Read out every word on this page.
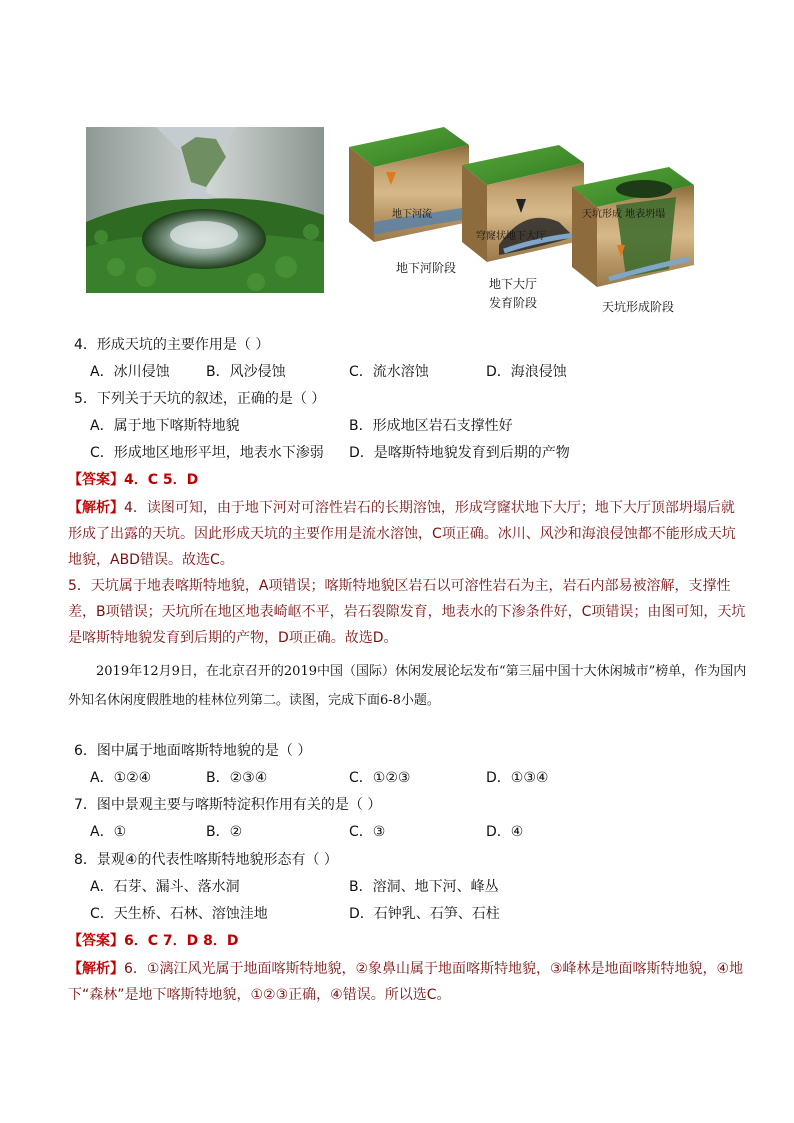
地下河流
穹窿状地下大厅
天坑形成 地表坍塌
地下河阶段
地下大厅
发育阶段	天坑形成阶段
4．形成天坑的主要作用是（ ）
A．冰川侵蚀	B．风沙侵蚀	C．流水溶蚀	D．海浪侵蚀
5．下列关于天坑的叙述，正确的是（ ）
A．属于地下喀斯特地貌	B．形成地区岩石支撑性好
C．形成地区地形平坦，地表水下渗弱 D．是喀斯特地貌发育到后期的产物
【答案】4．C 5．D
【解析】4．读图可知，由于地下河对可溶性岩石的长期溶蚀，形成穹窿状地下大厅；地下大厅顶部坍塌后就形成了出露的天坑。因此形成天坑的主要作用是流水溶蚀，C项正确。冰川、风沙和海浪侵蚀都不能形成天坑地貌，ABD错误。故选C。
5．天坑属于地表喀斯特地貌，A项错误；喀斯特地貌区岩石以可溶性岩石为主，岩石内部易被溶解，支撑性差，B项错误；天坑所在地区地表崎岖不平，岩石裂隙发育，地表水的下渗条件好，C项错误；由图可知，天坑是喀斯特地貌发育到后期的产物，D项正确。故选D。
2019年12月9日，在北京召开的2019中国（国际）休闲发展论坛发布“第三届中国十大休闲城市”榜单，作为国内外知名休闲度假胜地的桂林位列第二。读图，完成下面6-8小题。
6．图中属于地面喀斯特地貌的是（ ）
A．①②④	B．②③④	C．①②③	D．①③④
7．图中景观主要与喀斯特淀积作用有关的是（ ）
A．①	B．②	C．③	D．④
8．景观④的代表性喀斯特地貌形态有（ ）
A．石芽、漏斗、落水洞	B．溶洞、地下河、峰丛
C．天生桥、石林、溶蚀洼地	D．石钟乳、石笋、石柱
【答案】6．C 7．D 8．D
【解析】6．①漓江风光属于地面喀斯特地貌，②象鼻山属于地面喀斯特地貌，③峰林是地面喀斯特地貌，④地下“森林”是地下喀斯特地貌，①②③正确，④错误。所以选C。
